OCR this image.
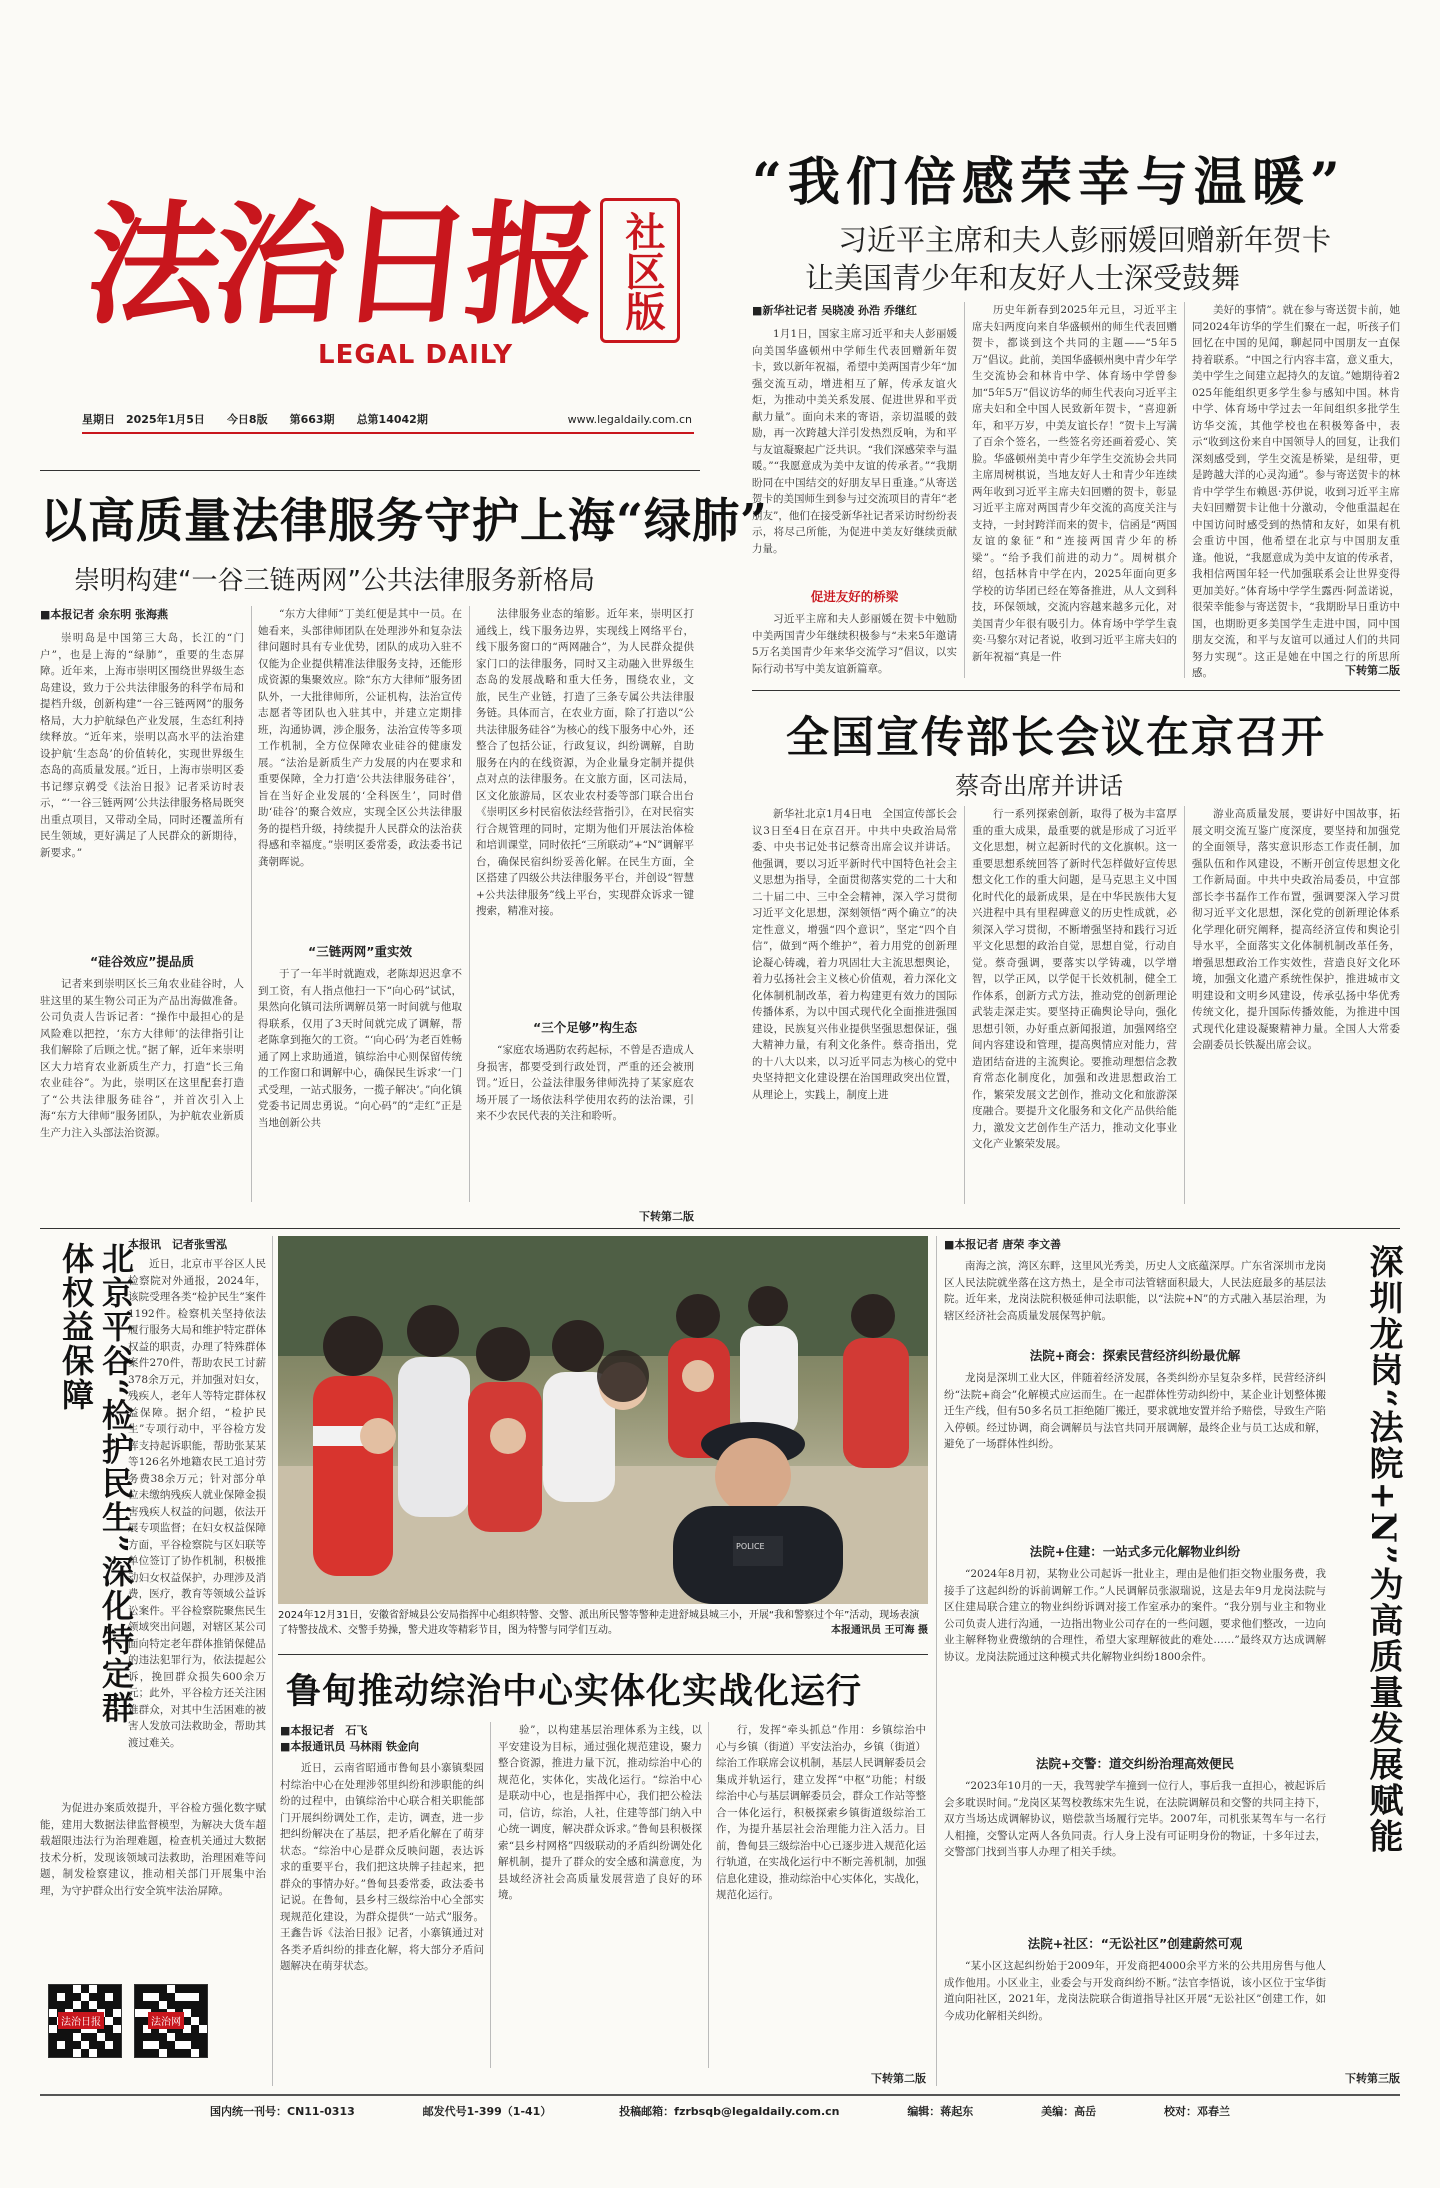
法治日报 社区版
LEGAL DAILY
星期日　2025年1月5日 今日8版 第663期 总第14042期	www.legaldaily.com.cn
“我们倍感荣幸与温暖”
习近平主席和夫人彭丽媛回赠新年贺卡
让美国青少年和友好人士深受鼓舞
■新华社记者 吴晓凌 孙浩 乔继红
1月1日，国家主席习近平和夫人彭丽媛向美国华盛顿州中学师生代表回赠新年贺卡，致以新年祝福，希望中美两国青少年“加强交流互动，增进相互了解，传承友谊火炬，为推动中美关系发展、促进世界和平贡献力量”。面向未来的寄语，亲切温暖的鼓励，再一次跨越大洋引发热烈反响，为和平与友谊凝聚起广泛共识。“我们深感荣幸与温暖。”“我愿意成为美中友谊的传承者。”“我期盼同在中国结交的好朋友早日重逢。”从寄送贺卡的美国师生到参与过交流项目的青年“老朋友”，他们在接受新华社记者采访时纷纷表示，将尽己所能，为促进中美友好继续贡献力量。
促进友好的桥梁
习近平主席和夫人彭丽媛在贺卡中勉励中美两国青少年继续积极参与“未来5年邀请5万名美国青少年来华交流学习”倡议，以实际行动书写中美友谊新篇章。
历史年新春到2025年元旦，习近平主席夫妇两度向来自华盛顿州的师生代表回赠贺卡，都谈到这个共同的主题——“5年5万”倡议。此前，美国华盛顿州奥中青少年学生交流协会和林肯中学、体育场中学曾参加“5年5万”倡议访华的师生代表向习近平主席夫妇和全中国人民致新年贺卡，“喜迎新年，和平万岁，中美友谊长存！”贺卡上写满了百余个签名，一些签名旁还画着爱心、笑脸。华盛顿州美中青少年学生交流协会共同主席周树棋说，当地友好人士和青少年连续两年收到习近平主席夫妇回赠的贺卡，彰显习近平主席对两国青少年交流的高度关注与支持，一封封跨洋而来的贺卡，信函是“两国友谊的象征”和“连接两国青少年的桥梁”。“给予我们前进的动力”。周树棋介绍，包括林肯中学在内，2025年面向更多学校的访华团已经在筹备推进，从人文到科技，环保领域，交流内容越来越多元化，对美国青少年很有吸引力。体育场中学学生袁奕·马黎尔对记者说，收到习近平主席夫妇的新年祝福“真是一件
美好的事情”。就在参与寄送贺卡前，她同2024年访华的学生们聚在一起，听孩子们回忆在中国的见闻，聊起同中国朋友一直保持着联系。“中国之行内容丰富，意义重大，美中学生之间建立起持久的友谊。”她期待着2025年能组织更多学生参与感知中国。林肯中学、体育场中学过去一年间组织多批学生访华交流，其他学校也在积极筹备中，表示“收到这份来自中国领导人的回复，让我们深刻感受到，学生交流是桥梁，是纽带，更是跨越大洋的心灵沟通”。参与寄送贺卡的林肯中学学生布赖恩·苏伊说，收到习近平主席夫妇回赠贺卡让他十分激动，令他重温起在中国访问时感受到的热情和友好，如果有机会重访中国，他希望在北京与中国朋友重逢。他说，“我愿意成为美中友谊的传承者，我相信两国年轻一代加强联系会让世界变得更加美好。”体育场中学学生露西·阿盖诺说，很荣幸能参与寄送贺卡，“我期盼早日重访中国，也期盼更多美国学生走进中国，同中国朋友交流，和平与友谊可以通过人们的共同努力实现”。这正是她在中国之行的所思所感。	下转第二版
以高质量法律服务守护上海“绿肺”
崇明构建“一谷三链两网”公共法律服务新格局
■本报记者 余东明 张海燕
崇明岛是中国第三大岛，长江的“门户”，也是上海的“绿肺”，重要的生态屏障。近年来，上海市崇明区围绕世界级生态岛建设，致力于公共法律服务的科学布局和提档升级，创新构建“一谷三链两网”的服务格局，大力护航绿色产业发展，生态红利持续释放。“近年来，崇明以高水平的法治建设护航‘生态岛’的价值转化，实现世界级生态岛的高质量发展。”近日，上海市崇明区委书记缪京鹈受《法治日报》记者采访时表示，“‘一谷三链两网’公共法律服务格局既突出重点项目，又带动全局，同时还覆盖所有民生领域，更好满足了人民群众的新期待，新要求。”
“硅谷效应”提品质
记者来到崇明区长三角农业硅谷时，人驻这里的某生物公司正为产品出海做准备。公司负责人告诉记者：“操作中最担心的是风险难以把控，‘东方大律师’的法律指引让我们解除了后顾之忧。”据了解，近年来崇明区大力培育农业新质生产力，打造“长三角农业硅谷”。为此，崇明区在这里配套打造了“公共法律服务硅谷”，并首次引入上海“东方大律师”服务团队，为护航农业新质生产力注入头部法治资源。
“东方大律师”丁美红便是其中一员。在她看来，头部律师团队在处理涉外和复杂法律问题时具有专业优势，团队的成功入驻不仅能为企业提供精准法律服务支持，还能形成资源的集聚效应。除“东方大律师”服务团队外，一大批律师所，公证机构，法治宣传志愿者等团队也入驻其中，并建立定期排班，沟通协调，涉企服务，法治宣传等多项工作机制，全方位保障农业硅谷的健康发展。“法治是新质生产力发展的内在要求和重要保障，全力打造‘公共法律服务硅谷’，旨在当好企业发展的‘全科医生’，同时借助‘硅谷’的聚合效应，实现全区公共法律服务的提档升级，持续提升人民群众的法治获得感和幸福度。”崇明区委常委，政法委书记龚朝晖说。
“三链两网”重实效
于了一年半时就跑戏，老陈却迟迟拿不到工资，有人指点他扫一下“向心码”试试，果然向化镇司法所调解员第一时间就与他取得联系，仅用了3天时间就完成了调解，帮老陈拿到拖欠的工资。“‘向心码’为老百姓畅通了网上求助通道，镇综治中心则保留传统的工作窗口和调解中心，确保民生诉求‘一门式受理，一站式服务，一揽子解决’。”向化镇党委书记周忠勇说。“向心码”的“走红”正是当地创新公共
法律服务业态的缩影。近年来，崇明区打通线上，线下服务边界，实现线上网络平台，线下服务窗口的“两网融合”，为人民群众提供家门口的法律服务，同时又主动融入世界级生态岛的发展战略和重大任务，围绕农业，文旅，民生产业链，打造了三条专属公共法律服务链。具体而言，在农业方面，除了打造以“公共法律服务硅谷”为核心的线下服务中心外，还整合了包括公证，行政复议，纠纷调解，自助服务在内的在线资源，为企业量身定制并提供点对点的法律服务。在文旅方面，区司法局，区文化旅游局，区农业农村委等部门联合出台《崇明区乡村民宿依法经营指引》，在对民宿实行合规管理的同时，定期为他们开展法治体检和培训课堂，同时依托“三所联动”+“N”调解平台，确保民宿纠纷妥善化解。在民生方面，全区搭建了四级公共法律服务平台，并创设“智慧+公共法律服务”线上平台，实现群众诉求一键搜索，精准对接。
“三个足够”构生态
“家庭农场遇防农药起标，不曾是否造成人身损害，都要受到行政处罚，严重的还会被刑罚。”近日，公益法律服务律师洗持了某家庭农场开展了一场依法科学使用农药的法治课，引来不少农民代表的关注和聆听。
下转第二版
全国宣传部长会议在京召开
蔡奇出席并讲话
新华社北京1月4日电　全国宣传部长会议3日至4日在京召开。中共中央政治局常委、中央书记处书记蔡奇出席会议并讲话。他强调，要以习近平新时代中国特色社会主义思想为指导，全面贯彻落实党的二十大和二十届二中、三中全会精神，深入学习贯彻习近平文化思想，深刻领悟“两个确立”的决定性意义，增强“四个意识”，坚定“四个自信”，做到“两个维护”，着力用党的创新理论凝心铸魂，着力巩固壮大主流思想舆论，着力弘扬社会主义核心价值观，着力深化文化体制机制改革，着力构建更有效力的国际传播体系，为以中国式现代化全面推进强国建设，民族复兴伟业提供坚强思想保证，强大精神力量，有利文化条件。蔡奇指出，党的十八大以来，以习近平同志为核心的党中央坚持把文化建设摆在治国理政突出位置，从理论上，实践上，制度上进
行一系列探索创新，取得了极为丰富厚重的重大成果，最重要的就是形成了习近平文化思想，树立起新时代的文化旗帜。这一重要思想系统回答了新时代怎样做好宣传思想文化工作的重大问题，是马克思主义中国化时代化的最新成果，是在中华民族伟大复兴进程中具有里程碑意义的历史性成就，必须深入学习贯彻，不断增强坚持和践行习近平文化思想的政治自觉，思想自觉，行动自觉。蔡奇强调，要落实以学铸魂，以学增智，以学正风，以学促干长效机制，健全工作体系，创新方式方法，推动党的创新理论武装走深走实。要坚持正确舆论导向，强化思想引领，办好重点新闻报道，加强网络空间内容建设和管理，提高舆情应对能力，营造团结奋进的主流舆论。要推动理想信念教育常态化制度化，加强和改进思想政治工作，繁荣发展文艺创作，推动文化和旅游深度融合。要提升文化服务和文化产品供给能力，激发文艺创作生产活力，推动文化事业文化产业繁荣发展。
游业高质量发展，要讲好中国故事，拓展文明交流互鉴广度深度，要坚持和加强党的全面领导，落实意识形态工作责任制，加强队伍和作风建设，不断开创宣传思想文化工作新局面。中共中央政治局委员，中宣部部长李书磊作工作布置，强调要深入学习贯彻习近平文化思想，深化党的创新理论体系化学理化研究阐释，提高经济宣传和舆论引导水平，全面落实文化体制机制改革任务，增强思想政治工作实效性，营造良好文化环境，加强文化遗产系统性保护，推进城市文明建设和文明乡风建设，传承弘扬中华优秀传统文化，提升国际传播效能，为推进中国式现代化建设凝聚精神力量。全国人大常委会副委员长铁凝出席会议。
北京平谷“检护民生”深化特定群体权益保障	本报讯　记者张雪泓
近日，北京市平谷区人民检察院对外通报，2024年，该院受理各类“检护民生”案件1192件。检察机关坚持依法履行服务大局和维护特定群体权益的职责，办理了特殊群体案件270件，帮助农民工讨薪378余万元，并加强对妇女，残疾人，老年人等特定群体权益保障。据介绍，“检护民生”专项行动中，平谷检方发挥支持起诉职能，帮助张某某等126名外地籍农民工追讨劳务费38余万元；针对部分单位未缴纳残疾人就业保障金损害残疾人权益的问题，依法开展专项监督；在妇女权益保障方面，平谷检察院与区妇联等单位签订了协作机制，积极推动妇女权益保护，办理涉及消费，医疗，教育等领域公益诉讼案件。平谷检察院聚焦民生领域突出问题，对辖区某公司面向特定老年群体推销保健品的违法犯罪行为，依法提起公诉，挽回群众损失600余万元；此外，平谷检方还关注困难群众，对其中生活困难的被害人发放司法救助金，帮助其渡过难关。
为促进办案质效提升，平谷检方强化数字赋能，建用大数据法律监督模型，为解决大货车超载超限违法行为治理难题，检查机关通过大数据技术分析，发现该领域司法救助，治理困难等问题，制发检察建议，推动相关部门开展集中治理，为守护群众出行安全筑牢法治屏障。
法治日报	法治网
POLICE
2024年12月31日，安徽省舒城县公安局指挥中心组织特警、交警、派出所民警等警种走进舒城县城三小，开展“我和警察过个年”活动，现场表演了特警技战术、交警手势操，警犬进攻等精彩节目，图为特警与同学们互动。	本报通讯员 王可海 摄
鲁甸推动综治中心实体化实战化运行
■本报记者　石飞
■本报通讯员 马林雨 铁金向
近日，云南省昭通市鲁甸县小寨镇梨园村综治中心在处理涉邻里纠纷和涉职能的纠纷的过程中，由镇综治中心联合相关职能部门开展纠纷调处工作，走访，调查，进一步把纠纷解决在了基层，把矛盾化解在了萌芽状态。“综治中心是群众反映问题，表达诉求的重要平台，我们把这块牌子挂起来，把群众的事情办好。”鲁甸县委常委，政法委书记说。在鲁甸，县乡村三级综治中心全部实现规范化建设，为群众提供“一站式”服务。王鑫告诉《法治日报》记者，小寨镇通过对各类矛盾纠纷的排查化解，将大部分矛盾问题解决在萌芽状态。
验”，以构建基层治理体系为主线，以平安建设为目标，通过强化规范建设，聚力整合资源，推进力量下沉，推动综治中心的规范化，实体化，实战化运行。“综治中心是联动中心，也是指挥中心，我们把公检法司，信访，综治，人社，住建等部门纳入中心统一调度，解决群众诉求。”鲁甸县积极探索“县乡村网格”四级联动的矛盾纠纷调处化解机制，提升了群众的安全感和满意度，为县域经济社会高质量发展营造了良好的环境。
行，发挥“牵头抓总”作用：乡镇综治中心与乡镇（街道）平安法治办，乡镇（街道）综治工作联席会议机制，基层人民调解委员会集成并轨运行，建立发挥“中枢”功能；村级综治中心与基层调解委员会，群众工作站等整合一体化运行，积极探索乡镇街道级综治工作，为提升基层社会治理能力注入活力。目前，鲁甸县三级综治中心已逐步进入规范化运行轨道，在实战化运行中不断完善机制，加强信息化建设，推动综治中心实体化，实战化，规范化运行。
下转第二版
■本报记者 唐荣 李文善
南海之滨，湾区东畔，这里风光秀美，历史人文底蕴深厚。广东省深圳市龙岗区人民法院就坐落在这方热土，是全市司法管辖面积最大，人民法庭最多的基层法院。近年来，龙岗法院积极延伸司法职能，以“法院+N”的方式融入基层治理，为辖区经济社会高质量发展保驾护航。
法院+商会：探索民营经济纠纷最优解
龙岗是深圳工业大区，伴随着经济发展，各类纠纷亦呈复杂多样，民营经济纠纷“法院+商会”化解模式应运而生。在一起群体性劳动纠纷中，某企业计划整体搬迁生产线，但有50多名员工拒绝随厂搬迁，要求就地安置并给予赔偿，导致生产陷入停顿。经过协调，商会调解员与法官共同开展调解，最终企业与员工达成和解，避免了一场群体性纠纷。
法院+住建：一站式多元化解物业纠纷
“2024年8月初，某物业公司起诉一批业主，理由是他们拒交物业服务费，我接手了这起纠纷的诉前调解工作。”人民调解员张淑瑞说，这是去年9月龙岗法院与区住建局联合建立的物业纠纷诉调对接工作室承办的案件。“我分别与业主和物业公司负责人进行沟通，一边指出物业公司存在的一些问题，要求他们整改，一边向业主解释物业费缴纳的合理性，希望大家理解彼此的难处……”最终双方达成调解协议。龙岗法院通过这种模式共化解物业纠纷1800余件。
法院+交警：道交纠纷治理高效便民
“2023年10月的一天，我驾驶学车撞到一位行人，事后我一直担心，被起诉后会多耽误时间。”龙岗区某驾校教练宋先生说，在法院调解员和交警的共同主持下，双方当场达成调解协议，赔偿款当场履行完毕。2007年，司机张某驾车与一名行人相撞，交警认定两人各负同责。行人身上没有可证明身份的物证，十多年过去，交警部门找到当事人办理了相关手续。
法院+社区：“无讼社区”创建蔚然可观
“某小区这起纠纷始于2009年，开发商把4000余平方米的公共用房售与他人成作他用。小区业主，业委会与开发商纠纷不断。”法官李悟说，该小区位于宝华街道向阳社区，2021年，龙岗法院联合街道指导社区开展“无讼社区”创建工作，如今成功化解相关纠纷。
深圳龙岗“法院+N”为高质量发展赋能
下转第三版
国内统一刊号：CN11-0313	邮发代号1-399（1-41）	投稿邮箱：fzrbsqb@legaldaily.com.cn	编辑：蒋起东	美编：高岳	校对：邓春兰
